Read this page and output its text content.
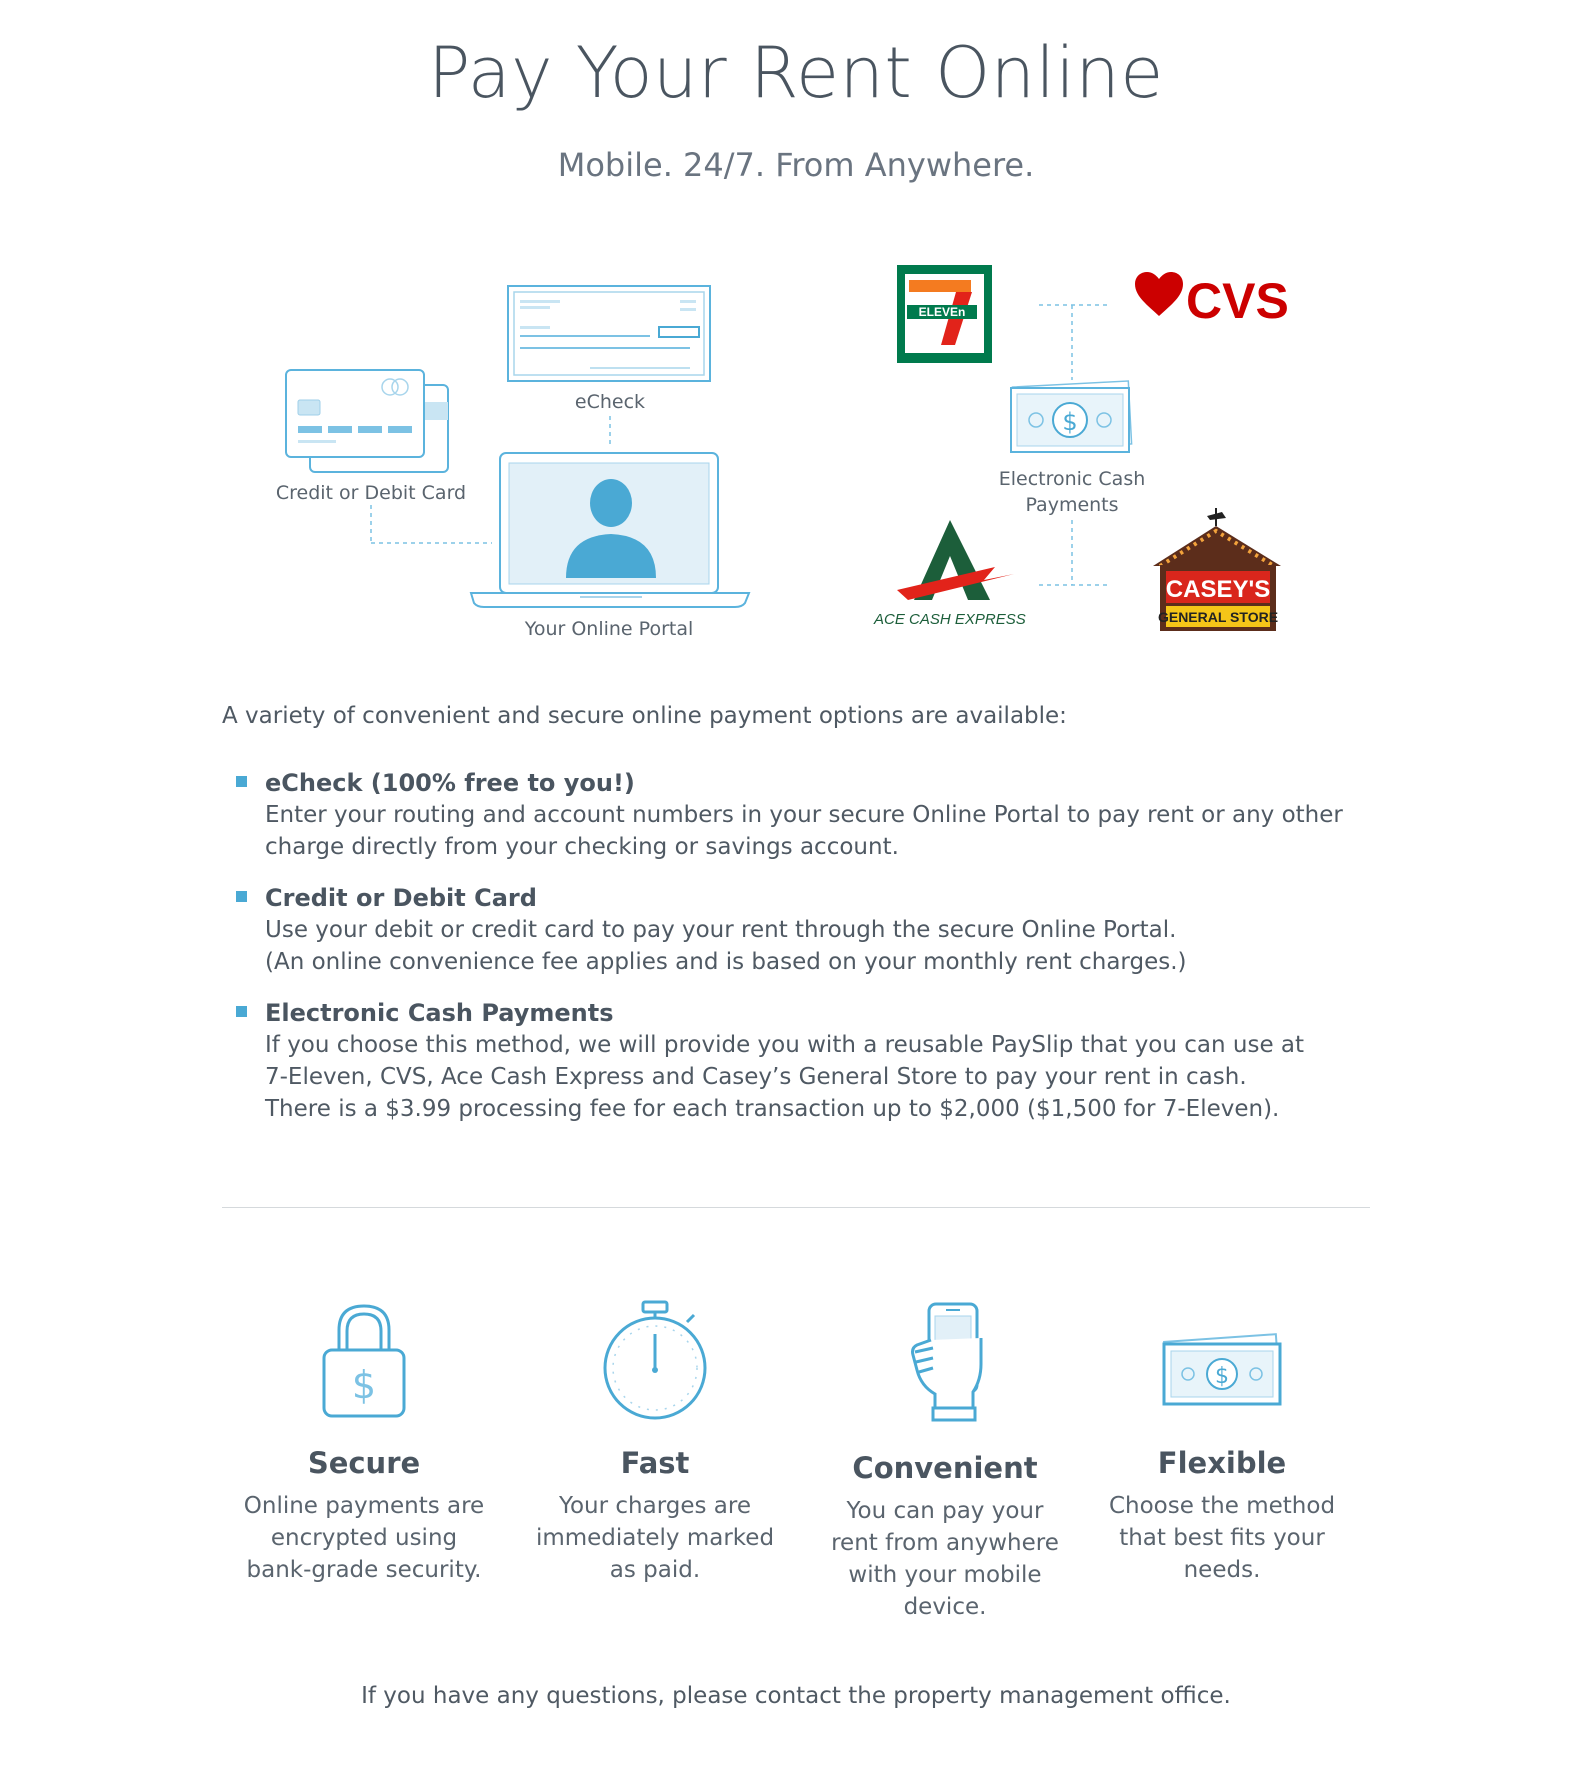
Pay Your Rent Online
Mobile. 24/7. From Anywhere.
eCheck
Credit or Debit Card
Your Online Portal
ELEVEn	CVS
$
ACE CASH EXPRESS
CASEY'S
GENERAL STORE
Electronic Cash
Payments
A variety of convenient and secure online payment options are available:
eCheck (100% free to you!)
Enter your routing and account numbers in your secure Online Portal to pay rent or any other
charge directly from your checking or savings account.
Credit or Debit Card
Use your debit or credit card to pay your rent through the secure Online Portal.
(An online convenience fee applies and is based on your monthly rent charges.)
Electronic Cash Payments
If you choose this method, we will provide you with a reusable PaySlip that you can use at
7-Eleven, CVS, Ace Cash Express and Casey’s General Store to pay your rent in cash.
There is a $3.99 processing fee for each transaction up to $2,000 ($1,500 for 7-Eleven).
$
Secure
Online payments are
encrypted using
bank-grade security.
Fast
Your charges are
immediately marked
as paid.
Convenient
You can pay your
rent from anywhere
with your mobile
device.
$
Flexible
Choose the method
that best fits your
needs.
If you have any questions, please contact the property management office.
